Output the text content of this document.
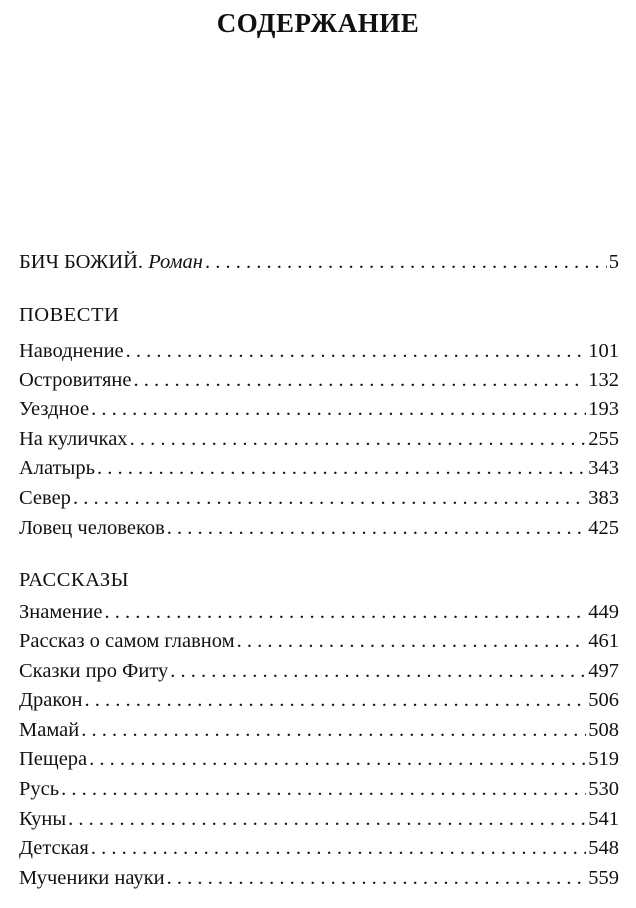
СОДЕРЖАНИЕ
БИЧ БОЖИЙ. Роман . . .	5
ПОВЕСТИ
Наводнение . . .	101
Островитяне . . .	132
Уездное . . .	193
На куличках . . .	255
Алатырь . . .	343
Север . . .	383
Ловец человеков . . .	425
РАССКАЗЫ
Знамение . . .	449
Рассказ о самом главном . . .	461
Сказки про Фиту . . .	497
Дракон . . .	506
Мамай . . .	508
Пещера . . .	519
Русь . . .	530
Куны . . .	541
Детская . . .	548
Мученики науки . . .	559
